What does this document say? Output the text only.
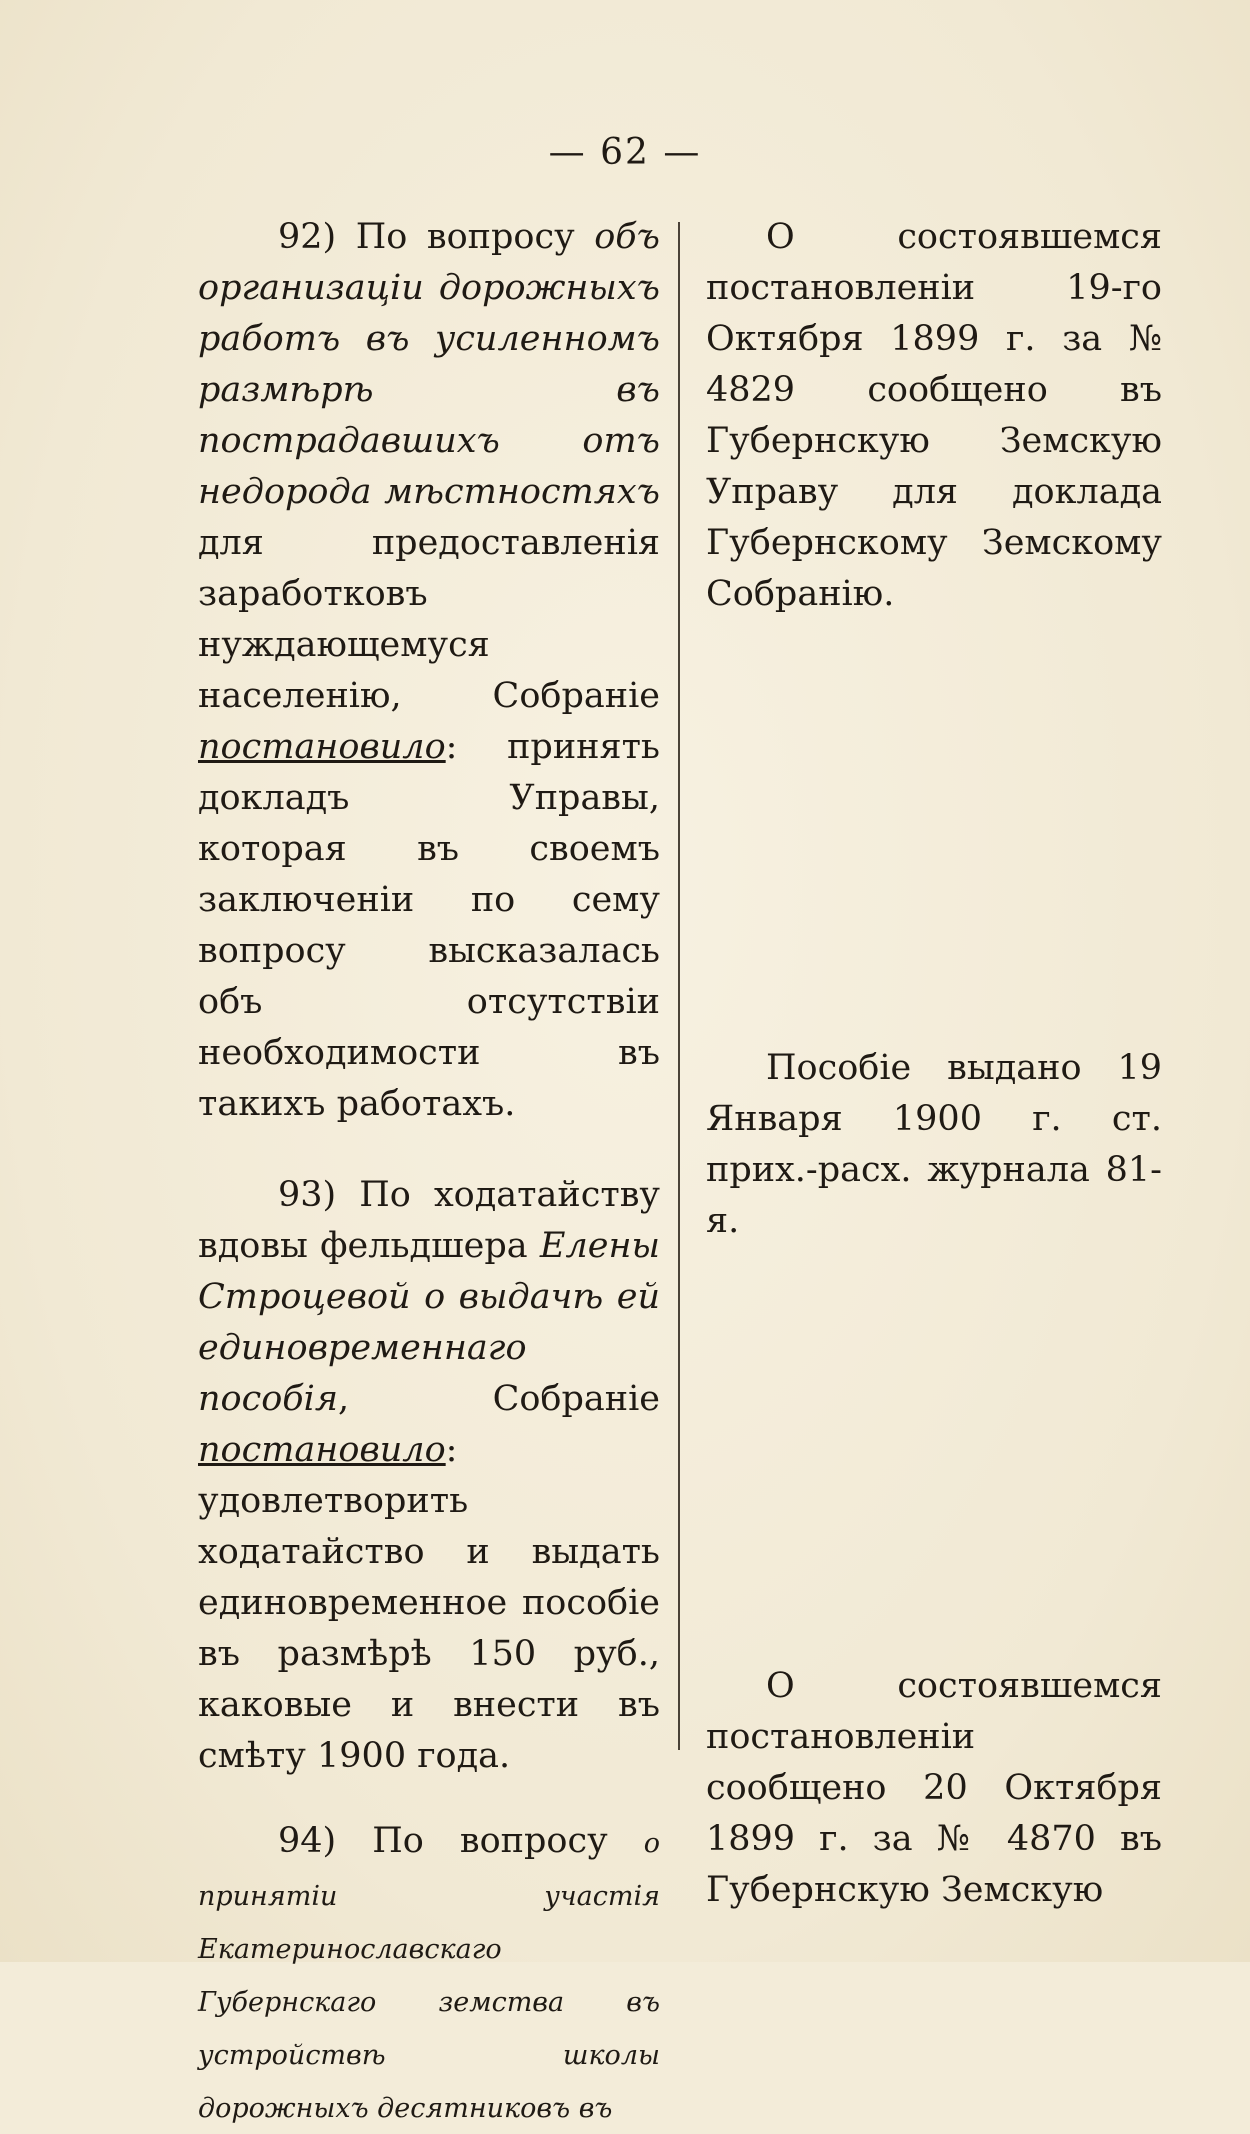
— 62 —

92) По вопросу объ организацiи дорожныхъ работъ въ усиленномъ размѣрѣ въ пострадавшихъ отъ недорода мѣстностяхъ для предоставленiя заработковъ нуждающемуся населенiю, Собранiе постановило: принять докладъ Управы, которая въ своемъ заключенiи по сему вопросу высказалась объ отсутствiи необходимости въ такихъ работахъ.

93) По ходатайству вдовы фельдшера Елены Строцевой о выдачѣ ей единовременнаго пособiя, Собранiе постановило: удовлетворить ходатайство и выдать единовременное пособiе въ размѣрѣ 150 руб., каковые и внести въ смѣту 1900 года.

94) По вопросу о принятiи участiя Екатеринославскаго Губернскаго земства въ устройствѣ школы дорожныхъ десятниковъ въ

О состоявшемся постановленiи 19-го Октября 1899 г. за № 4829 сообщено въ Губернскую Земскую Управу для доклада Губернскому Земскому Собранiю.

Пособiе выдано 19 Января 1900 г. ст. прих.-расх. журнала 81-я.

О состоявшемся постановленiи сообщено 20 Октября 1899 г. за № 4870 въ Губернскую Земскую
